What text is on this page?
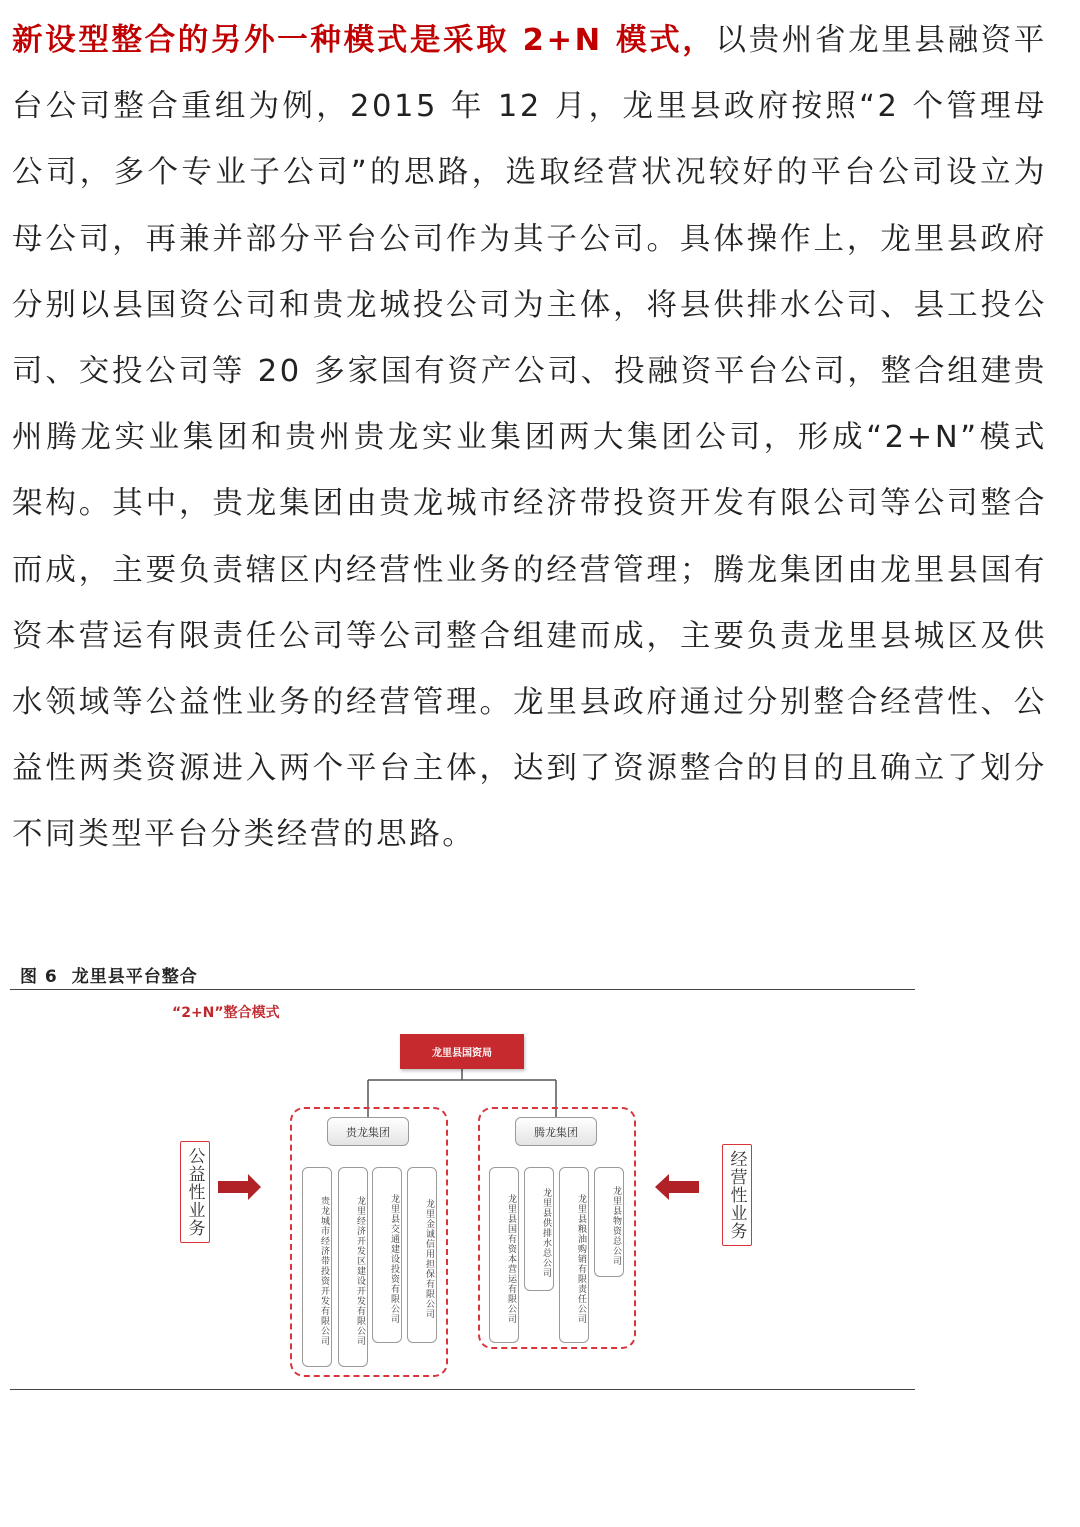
新设型整合的另外一种模式是采取 2+N 模式，以贵州省龙里县融资平台公司整合重组为例，2015 年 12 月，龙里县政府按照“2 个管理母公司，多个专业子公司”的思路，选取经营状况较好的平台公司设立为母公司，再兼并部分平台公司作为其子公司。具体操作上，龙里县政府分别以县国资公司和贵龙城投公司为主体，将县供排水公司、县工投公司、交投公司等 20 多家国有资产公司、投融资平台公司，整合组建贵州腾龙实业集团和贵州贵龙实业集团两大集团公司，形成“2+N”模式架构。其中，贵龙集团由贵龙城市经济带投资开发有限公司等公司整合而成，主要负责辖区内经营性业务的经营管理；腾龙集团由龙里县国有资本营运有限责任公司等公司整合组建而成，主要负责龙里县城区及供水领域等公益性业务的经营管理。龙里县政府通过分别整合经营性、公益性两类资源进入两个平台主体，达到了资源整合的目的且确立了划分不同类型平台分类经营的思路。
图 6 龙里县平台整合
“2+N”整合模式
龙里县国资局
贵龙集团	腾龙集团
贵龙城市经济带投资开发有限公司	龙里经济开发区建设开发有限公司	龙里县交通建设投资有限公司	龙里金诚信用担保有限公司	龙里县国有资本营运有限公司	龙里县供排水总公司	龙里县粮油购销有限责任公司	龙里县物资总公司
公益性业务	经营性业务
